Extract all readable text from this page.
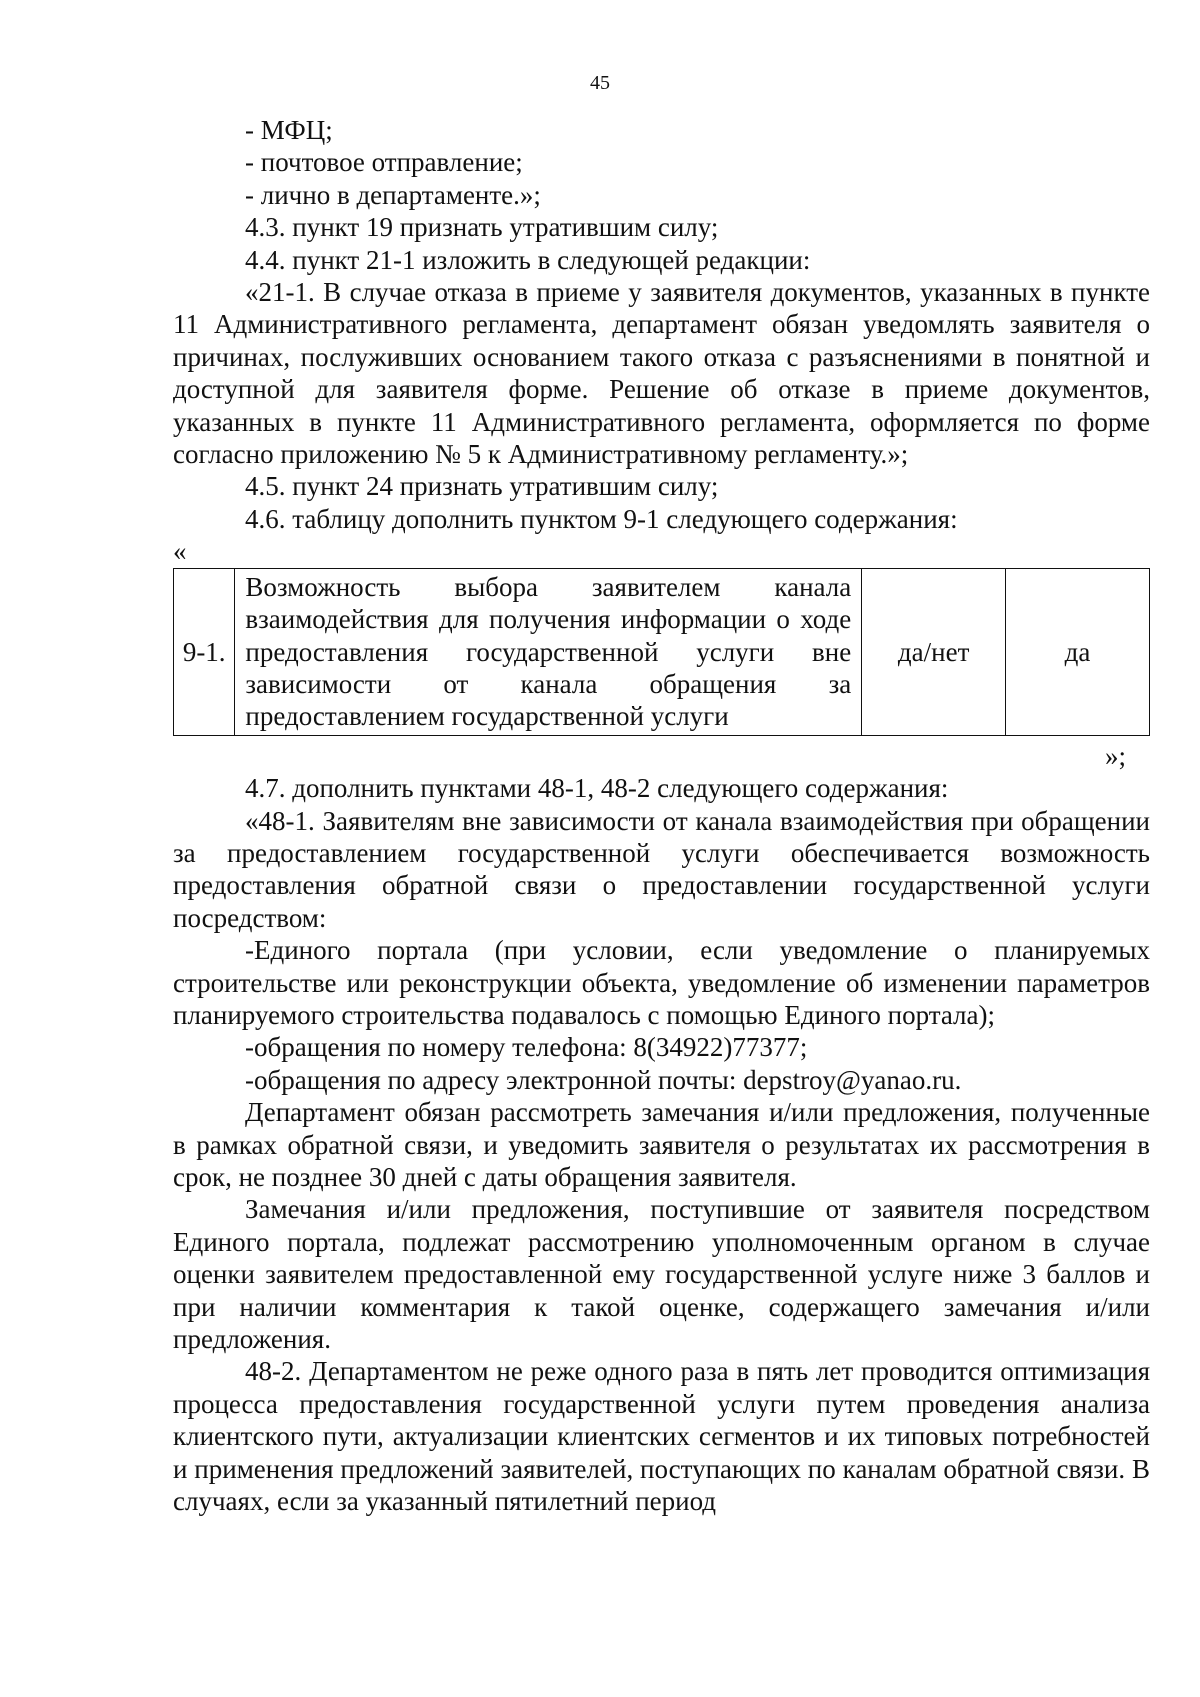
45

- МФЦ;

- почтовое отправление;

- лично в департаменте.»;

4.3. пункт 19 признать утратившим силу;

4.4. пункт 21-1 изложить в следующей редакции:

«21-1. В случае отказа в приеме у заявителя документов, указанных в пункте 11 Административного регламента, департамент обязан уведомлять заявителя о причинах, послуживших основанием такого отказа с разъяснениями в понятной и доступной для заявителя форме. Решение об отказе в приеме документов, указанных в пункте 11 Административного регламента, оформляется по форме согласно приложению № 5 к Административному регламенту.»;

4.5. пункт 24 признать утратившим силу;

4.6. таблицу дополнить пунктом 9-1 следующего содержания:

«

9-1.	Возможность выбора заявителем канала взаимодействия для получения информации о ходе предоставления государственной услуги вне зависимости от канала обращения за предоставлением государственной услуги	да/нет	да

»;

4.7. дополнить пунктами 48-1, 48-2 следующего содержания:

«48-1. Заявителям вне зависимости от канала взаимодействия при обращении за предоставлением государственной услуги обеспечивается возможность предоставления обратной связи о предоставлении государственной услуги посредством:

-Единого портала (при условии, если уведомление о планируемых строительстве или реконструкции объекта, уведомление об изменении параметров планируемого строительства подавалось с помощью Единого портала);

-обращения по номеру телефона: 8(34922)77377;

-обращения по адресу электронной почты: depstroy@yanao.ru.

Департамент обязан рассмотреть замечания и/или предложения, полученные в рамках обратной связи, и уведомить заявителя о результатах их рассмотрения в срок, не позднее 30 дней с даты обращения заявителя.

Замечания и/или предложения, поступившие от заявителя посредством Единого портала, подлежат рассмотрению уполномоченным органом в случае оценки заявителем предоставленной ему государственной услуге ниже 3 баллов и при наличии комментария к такой оценке, содержащего замечания и/или предложения.

48-2. Департаментом не реже одного раза в пять лет проводится оптимизация процесса предоставления государственной услуги путем проведения анализа клиентского пути, актуализации клиентских сегментов и их типовых потребностей и применения предложений заявителей, поступающих по каналам обратной связи. В случаях, если за указанный пятилетний период
